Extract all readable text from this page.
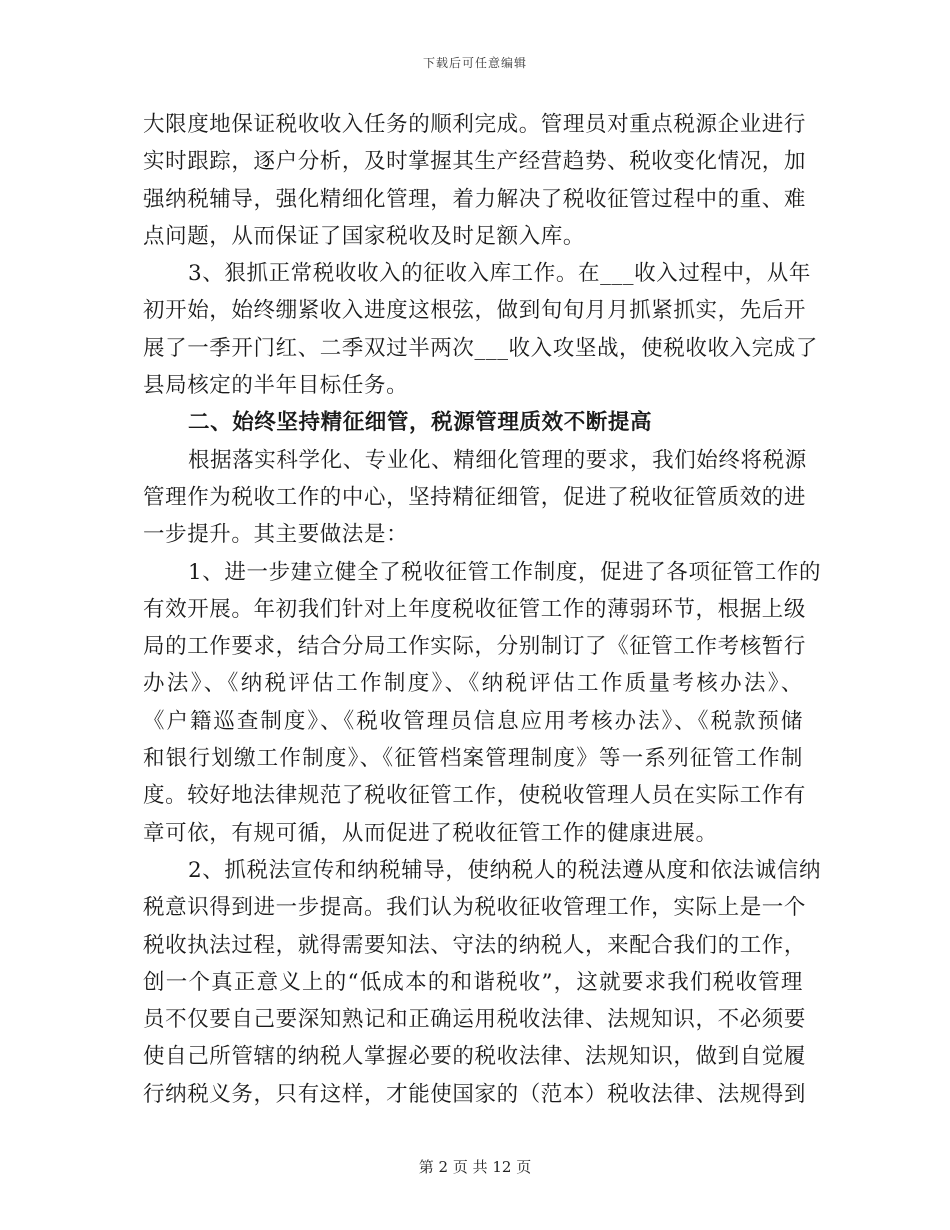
下载后可任意编辑
大限度地保证税收收入任务的顺利完成。管理员对重点税源企业进行
实时跟踪，逐户分析，及时掌握其生产经营趋势、税收变化情况，加
强纳税辅导，强化精细化管理，着力解决了税收征管过程中的重、难
点问题，从而保证了国家税收及时足额入库。
3、狠抓正常税收收入的征收入库工作。在___收入过程中，从年
初开始，始终绷紧收入进度这根弦，做到旬旬月月抓紧抓实，先后开
展了一季开门红、二季双过半两次___收入攻坚战，使税收收入完成了
县局核定的半年目标任务。
二、始终坚持精征细管，税源管理质效不断提高
根据落实科学化、专业化、精细化管理的要求，我们始终将税源
管理作为税收工作的中心，坚持精征细管，促进了税收征管质效的进
一步提升。其主要做法是：
1、进一步建立健全了税收征管工作制度，促进了各项征管工作的
有效开展。年初我们针对上年度税收征管工作的薄弱环节，根据上级
局的工作要求，结合分局工作实际，分别制订了《征管工作考核暂行
办法》、《纳税评估工作制度》、《纳税评估工作质量考核办法》、
《户籍巡查制度》、《税收管理员信息应用考核办法》、《税款预储
和银行划缴工作制度》、《征管档案管理制度》等一系列征管工作制
度。较好地法律规范了税收征管工作，使税收管理人员在实际工作有
章可依，有规可循，从而促进了税收征管工作的健康进展。
2、抓税法宣传和纳税辅导，使纳税人的税法遵从度和依法诚信纳
税意识得到进一步提高。我们认为税收征收管理工作，实际上是一个
税收执法过程，就得需要知法、守法的纳税人，来配合我们的工作，
创一个真正意义上的“低成本的和谐税收”，这就要求我们税收管理
员不仅要自己要深知熟记和正确运用税收法律、法规知识，不必须要
使自己所管辖的纳税人掌握必要的税收法律、法规知识，做到自觉履
行纳税义务，只有这样，才能使国家的（范本）税收法律、法规得到
第 2 页 共 12 页
